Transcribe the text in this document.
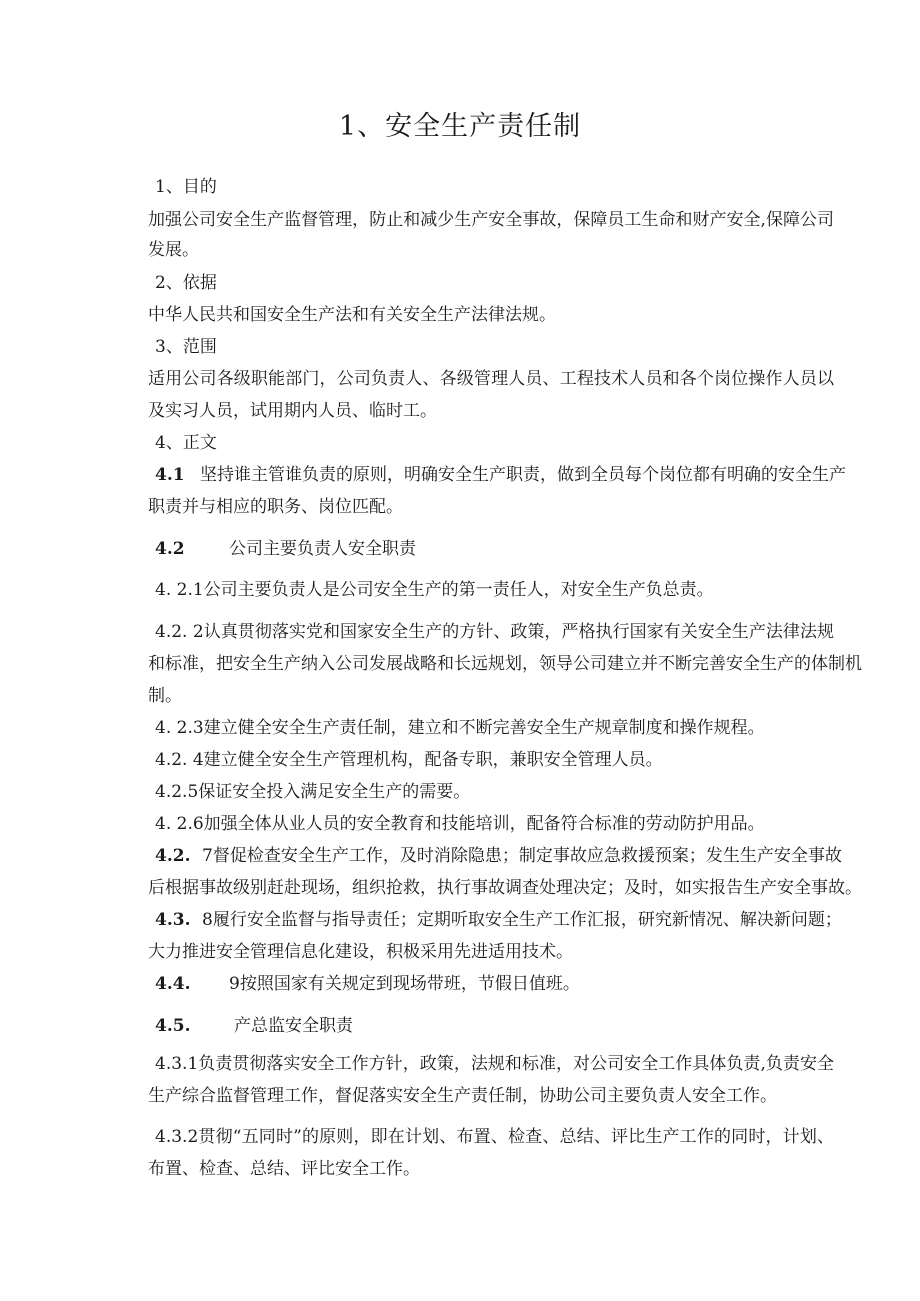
1、安全生产责任制
1、目的
加强公司安全生产监督管理，防止和减少生产安全事故，保障员工生命和财产安全,保障公司
发展。
2、依据
中华人民共和国安全生产法和有关安全生产法律法规。
3、范围
适用公司各级职能部门，公司负责人、各级管理人员、工程技术人员和各个岗位操作人员以
及实习人员，试用期内人员、临时工。
4、正文
4.1 坚持谁主管谁负责的原则，明确安全生产职责，做到全员每个岗位都有明确的安全生产
职责并与相应的职务、岗位匹配。
4.2	公司主要负责人安全职责
4. 2.1公司主要负责人是公司安全生产的第一责任人，对安全生产负总责。
4.2. 2认真贯彻落实党和国家安全生产的方针、政策，严格执行国家有关安全生产法律法规
和标准，把安全生产纳入公司发展战略和长远规划，领导公司建立并不断完善安全生产的体制机
制。
4. 2.3建立健全安全生产责任制，建立和不断完善安全生产规章制度和操作规程。
4.2. 4建立健全安全生产管理机构，配备专职，兼职安全管理人员。
4.2.5保证安全投入满足安全生产的需要。
4. 2.6加强全体从业人员的安全教育和技能培训，配备符合标准的劳动防护用品。
4.2. 7督促检查安全生产工作，及时消除隐患；制定事故应急救援预案；发生生产安全事故
后根据事故级别赶赴现场，组织抢救，执行事故调查处理决定；及时，如实报告生产安全事故。
4.3. 8履行安全监督与指导责任；定期听取安全生产工作汇报，研究新情况、解决新问题；
大力推进安全管理信息化建设，积极采用先进适用技术。
4.4. 9按照国家有关规定到现场带班，节假日值班。
4.5.	产总监安全职责
4.3.1负责贯彻落实安全工作方针，政策，法规和标准，对公司安全工作具体负责,负责安全
生产综合监督管理工作，督促落实安全生产责任制，协助公司主要负责人安全工作。
4.3.2贯彻“五同时”的原则，即在计划、布置、检查、总结、评比生产工作的同时，计划、
布置、检查、总结、评比安全工作。
